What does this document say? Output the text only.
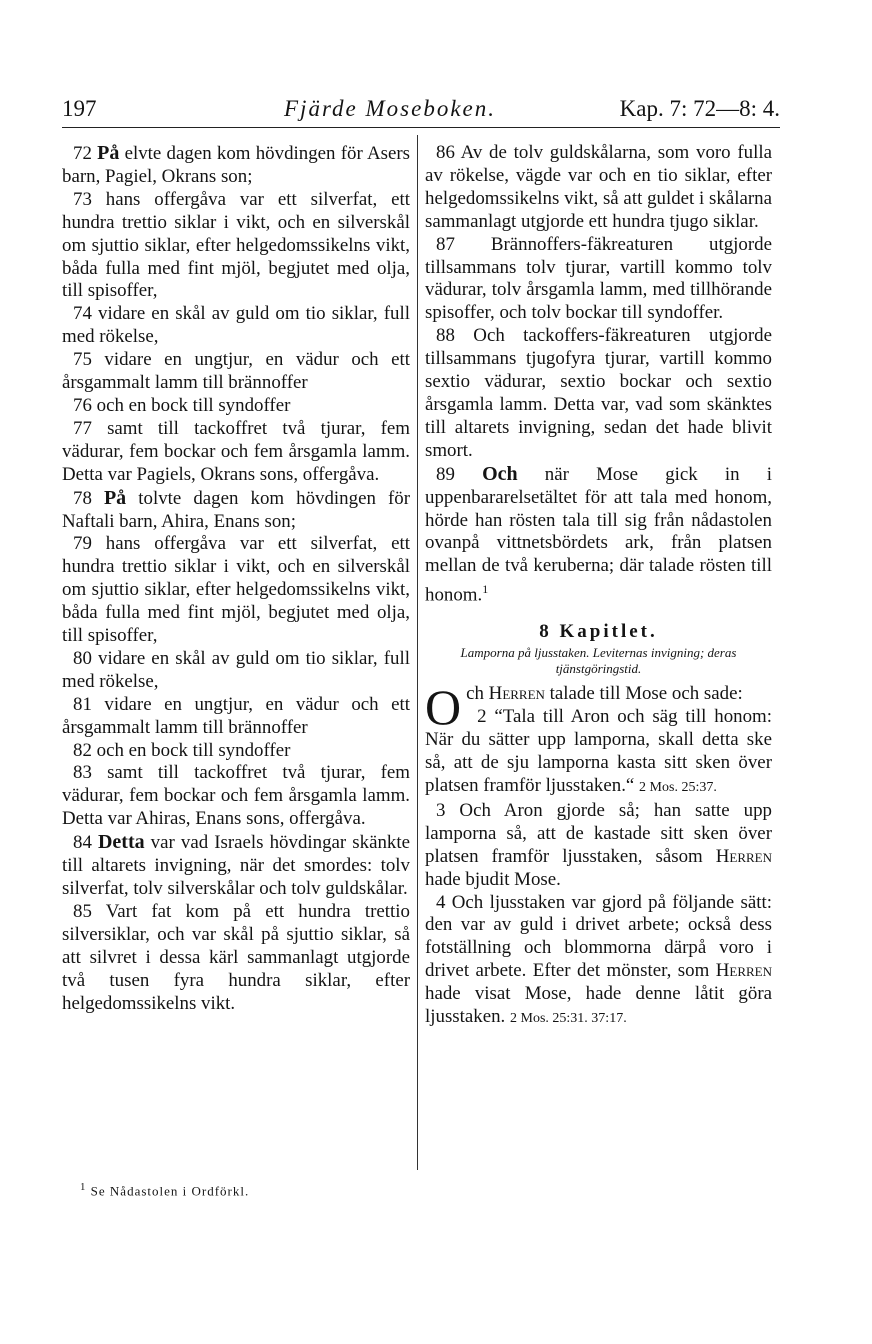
197	Fjärde Moseboken.	Kap. 7: 72—8: 4.

72 På elvte dagen kom hövdingen för Asers barn, Pagiel, Okrans son;

73 hans offergåva var ett silverfat, ett hundra trettio siklar i vikt, och en silverskål om sjuttio siklar, efter helgedomssikelns vikt, båda fulla med fint mjöl, begjutet med olja, till spisoffer,

74 vidare en skål av guld om tio siklar, full med rökelse,

75 vidare en ungtjur, en vädur och ett årsgammalt lamm till brännoffer

76 och en bock till syndoffer

77 samt till tackoffret två tjurar, fem vädurar, fem bockar och fem årsgamla lamm. Detta var Pagiels, Okrans sons, offergåva.

78 På tolvte dagen kom hövdingen för Naftali barn, Ahira, Enans son;

79 hans offergåva var ett silverfat, ett hundra trettio siklar i vikt, och en silverskål om sjuttio siklar, efter helgedomssikelns vikt, båda fulla med fint mjöl, begjutet med olja, till spisoffer,

80 vidare en skål av guld om tio siklar, full med rökelse,

81 vidare en ungtjur, en vädur och ett årsgammalt lamm till brännoffer

82 och en bock till syndoffer

83 samt till tackoffret två tjurar, fem vädurar, fem bockar och fem årsgamla lamm. Detta var Ahiras, Enans sons, offergåva.

84 Detta var vad Israels hövdingar skänkte till altarets invigning, när det smordes: tolv silverfat, tolv silverskålar och tolv guldskålar.

85 Vart fat kom på ett hundra trettio silversiklar, och var skål på sjuttio siklar, så att silvret i dessa kärl sammanlagt utgjorde två tusen fyra hundra siklar, efter helgedomssikelns vikt.

86 Av de tolv guldskålarna, som voro fulla av rökelse, vägde var och en tio siklar, efter helgedomssikelns vikt, så att guldet i skålarna sammanlagt utgjorde ett hundra tjugo siklar.

87 Brännoffers-fäkreaturen utgjorde tillsammans tolv tjurar, vartill kommo tolv vädurar, tolv årsgamla lamm, med tillhörande spisoffer, och tolv bockar till syndoffer.

88 Och tackoffers-fäkreaturen utgjorde tillsammans tjugofyra tjurar, vartill kommo sextio vädurar, sextio bockar och sextio årsgamla lamm. Detta var, vad som skänktes till altarets invigning, sedan det hade blivit smort.

89 Och när Mose gick in i uppenbararelsetältet för att tala med honom, hörde han rösten tala till sig från nådastolen ovanpå vittnetsbördets ark, från platsen mellan de två keruberna; där talade rösten till honom.$^1$

8 Kapitlet.
Lamporna på ljusstaken. Leviternas invigning; deras tjänstgöringstid.

Och Herren talade till Mose och sade:

2 “Tala till Aron och säg till honom: När du sätter upp lamporna, skall detta ske så, att de sju lamporna kasta sitt sken över platsen framför ljusstaken.“ 2 Mos. 25:37.

3 Och Aron gjorde så; han satte upp lamporna så, att de kastade sitt sken över platsen framför ljusstaken, såsom Herren hade bjudit Mose.

4 Och ljusstaken var gjord på följande sätt: den var av guld i drivet arbete; också dess fotställning och blommorna därpå voro i drivet arbete. Efter det mönster, som Herren hade visat Mose, hade denne låtit göra ljusstaken. 2 Mos. 25:31. 37:17.

$^1$ Se Nådastolen i Ordförkl.
